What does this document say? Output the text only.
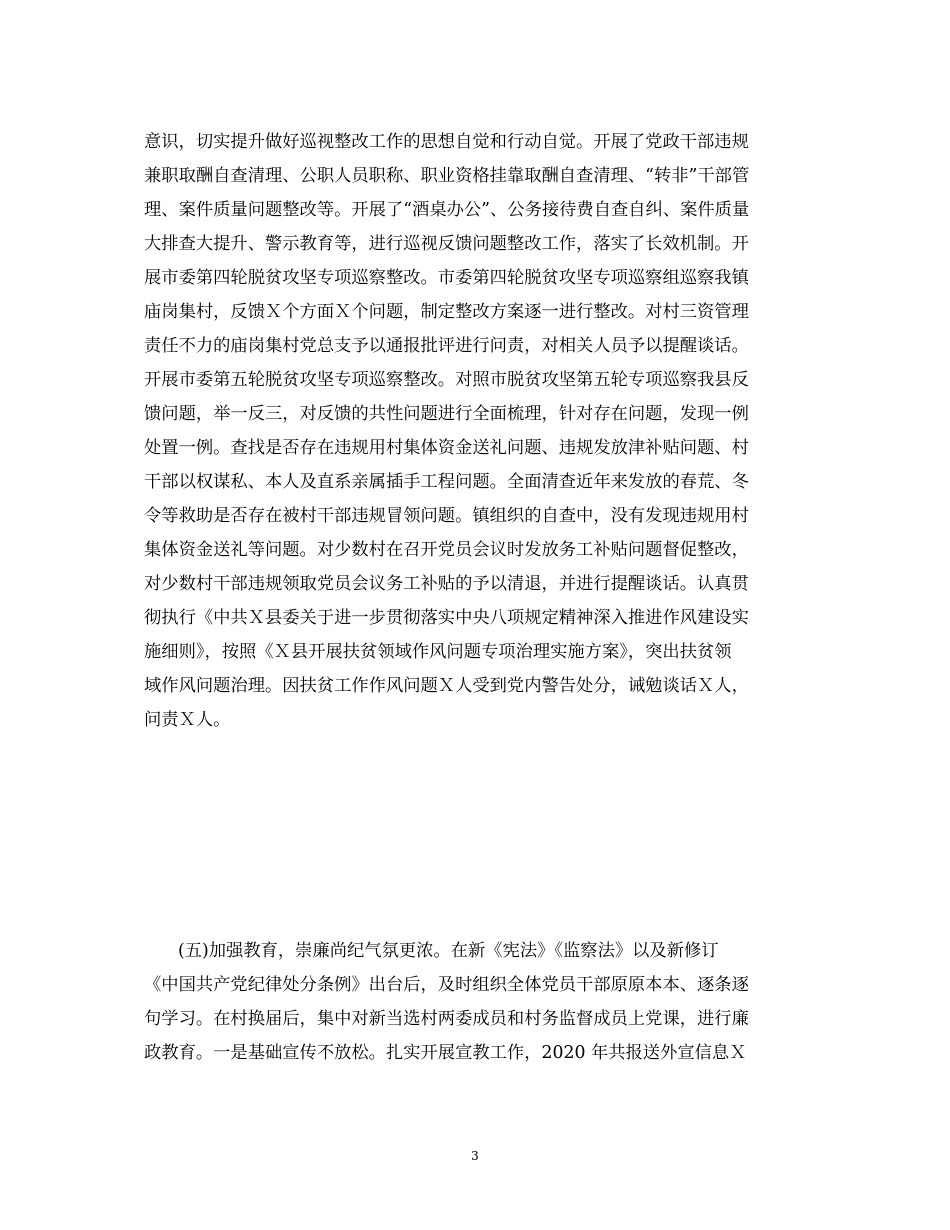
意识，切实提升做好巡视整改工作的思想自觉和行动自觉。开展了党政干部违规
兼职取酬自查清理、公职人员职称、职业资格挂靠取酬自查清理、“转非”干部管
理、案件质量问题整改等。开展了“酒桌办公”、公务接待费自查自纠、案件质量
大排查大提升、警示教育等，进行巡视反馈问题整改工作，落实了长效机制。开
展市委第四轮脱贫攻坚专项巡察整改。市委第四轮脱贫攻坚专项巡察组巡察我镇
庙岗集村，反馈Ｘ个方面Ｘ个问题，制定整改方案逐一进行整改。对村三资管理
责任不力的庙岗集村党总支予以通报批评进行问责，对相关人员予以提醒谈话。
开展市委第五轮脱贫攻坚专项巡察整改。对照市脱贫攻坚第五轮专项巡察我县反
馈问题，举一反三，对反馈的共性问题进行全面梳理，针对存在问题，发现一例
处置一例。查找是否存在违规用村集体资金送礼问题、违规发放津补贴问题、村
干部以权谋私、本人及直系亲属插手工程问题。全面清查近年来发放的春荒、冬
令等救助是否存在被村干部违规冒领问题。镇组织的自查中，没有发现违规用村
集体资金送礼等问题。对少数村在召开党员会议时发放务工补贴问题督促整改，
对少数村干部违规领取党员会议务工补贴的予以清退，并进行提醒谈话。认真贯
彻执行《中共Ｘ县委关于进一步贯彻落实中央八项规定精神深入推进作风建设实
施细则》，按照《Ｘ县开展扶贫领域作风问题专项治理实施方案》，突出扶贫领
域作风问题治理。因扶贫工作作风问题Ｘ人受到党内警告处分，诫勉谈话Ｘ人，
问责Ｘ人。
(五)加强教育，崇廉尚纪气氛更浓。在新《宪法》《监察法》以及新修订
《中国共产党纪律处分条例》出台后，及时组织全体党员干部原原本本、逐条逐
句学习。在村换届后，集中对新当选村两委成员和村务监督成员上党课，进行廉
政教育。一是基础宣传不放松。扎实开展宣教工作，2020 年共报送外宣信息Ｘ
3
